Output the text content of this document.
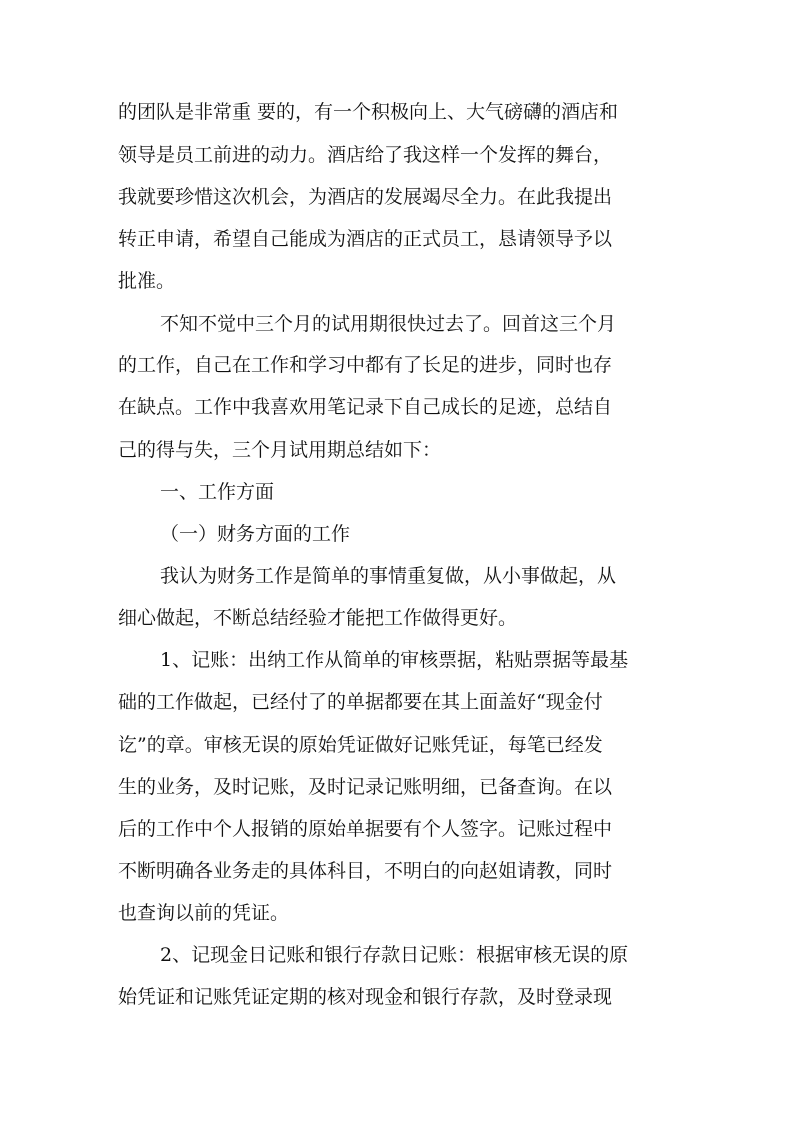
的团队是非常重 要的，有一个积极向上、大气磅礴的酒店和

领导是员工前进的动力。酒店给了我这样一个发挥的舞台，

我就要珍惜这次机会，为酒店的发展竭尽全力。在此我提出

转正申请，希望自己能成为酒店的正式员工，恳请领导予以

批准。

不知不觉中三个月的试用期很快过去了。回首这三个月

的工作，自己在工作和学习中都有了长足的进步，同时也存

在缺点。工作中我喜欢用笔记录下自己成长的足迹，总结自

己的得与失，三个月试用期总结如下：

一、工作方面

（一）财务方面的工作

我认为财务工作是简单的事情重复做，从小事做起，从

细心做起，不断总结经验才能把工作做得更好。

1、记账：出纳工作从简单的审核票据，粘贴票据等最基

础的工作做起，已经付了的单据都要在其上面盖好“现金付

讫”的章。审核无误的原始凭证做好记账凭证，每笔已经发

生的业务，及时记账，及时记录记账明细，已备查询。在以

后的工作中个人报销的原始单据要有个人签字。记账过程中

不断明确各业务走的具体科目，不明白的向赵姐请教，同时

也查询以前的凭证。

2、记现金日记账和银行存款日记账：根据审核无误的原

始凭证和记账凭证定期的核对现金和银行存款，及时登录现
